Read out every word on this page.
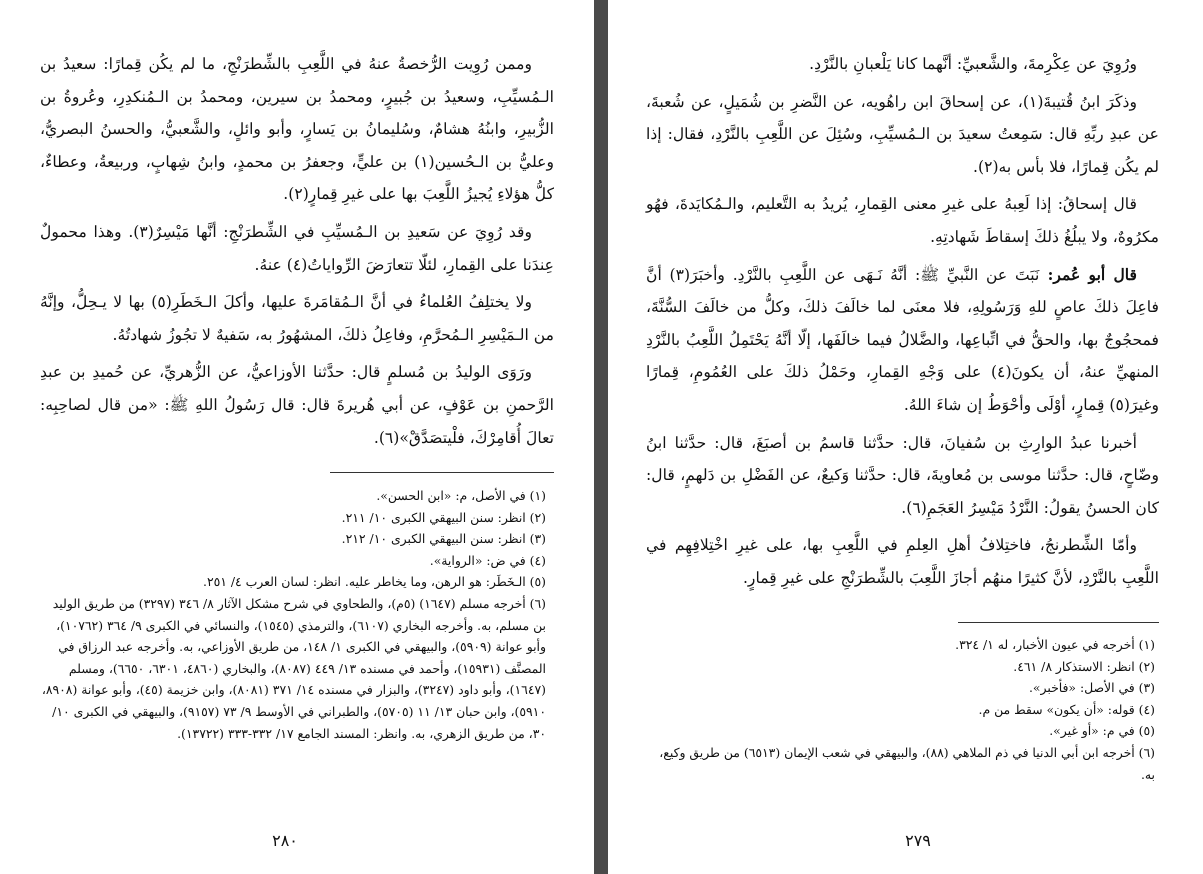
وممن رُوِيت الرُّخصةُ عنهُ في اللَّعِبِ بالشِّطرَنْجِ، ما لم يكُن قِمارًا: سعيدُ بن الـمُسيِّبِ، وسعيدُ بن جُبيرٍ، ومحمدُ بن سيرين، ومحمدُ بن الـمُنكدِرِ، وعُروةُ بن الزُّبيرِ، وابنُهُ هشامٌ، وسُليمانُ بن يَسارٍ، وأبو وائلٍ، والشَّعبيُّ، والحسنُ البصريُّ، وعليُّ بن الـحُسين(١) بن عليٍّ، وجعفرُ بن محمدٍ، وابنُ شِهابٍ، وربيعةُ، وعطاءٌ، كلُّ هؤلاءِ يُجيزُ اللَّعِبَ بها على غيرِ قِمارٍ(٢).

وقد رُوِيَ عن سَعيدِ بن الـمُسيِّبِ في الشِّطرَنْجِ: أنَّها مَيْسِرٌ(٣). وهذا محمولٌ عِندَنا على القِمارِ، لئلّا تتعارَضَ الرِّواياتُ(٤) عنهُ.

ولا يختلِفُ العُلماءُ في أنَّ الـمُقامَرةَ عليها، وأكلَ الـخَطَرِ(٥) بها لا يـحِلُّ، وإنَّهُ من الـمَيْسِرِ الـمُحرَّمِ، وفاعِلُ ذلكَ، المشهُورُ به، سَفيهٌ لا تجُوزُ شهادتُهُ.

ورَوَى الوليدُ بن مُسلمٍ قال: حدَّثنا الأوزاعيُّ، عن الزُّهريِّ، عن حُميدِ بن عبدِ الرَّحمنِ بن عَوْفٍ، عن أبي هُريرةَ قال: قال رَسُولُ اللهِ ﷺ: «من قال لصاحِبِه: تعالَ أُقامِرْكَ، فلْيتصَدَّقْ»(٦).

(١) في الأصل، م: «ابن الحسن».
(٢) انظر: سنن البيهقي الكبرى ١٠/ ٢١١.
(٣) انظر: سنن البيهقي الكبرى ١٠/ ٢١٢.
(٤) في ض: «الرواية».
(٥) الـخَطَر: هو الرهن، وما يخاطر عليه. انظر: لسان العرب ٤/ ٢٥١.
(٦) أخرجه مسلم (١٦٤٧) (٥م)، والطحاوي في شرح مشكل الآثار ٨/ ٣٤٦ (٣٢٩٧) من طريق الوليد بن مسلم، به. وأخرجه البخاري (٦١٠٧)، والترمذي (١٥٤٥)، والنسائي في الكبرى ٩/ ٣٦٤ (١٠٧٦٢)، وأبو عوانة (٥٩٠٩)، والبيهقي في الكبرى ١/ ١٤٨، من طريق الأوزاعي، به. وأخرجه عبد الرزاق في المصنَّف (١٥٩٣١)، وأحمد في مسنده ١٣/ ٤٤٩ (٨٠٨٧)، والبخاري (٤٨٦٠، ٦٣٠١، ٦٦٥٠)، ومسلم (١٦٤٧)، وأبو داود (٣٢٤٧)، والبزار في مسنده ١٤/ ٣٧١ (٨٠٨١)، وابن خزيمة (٤٥)، وأبو عوانة (٨٩٠٨، ٥٩١٠)، وابن حبان ١٣/ ١١ (٥٧٠٥)، والطبراني في الأوسط ٩/ ٧٣ (٩١٥٧)، والبيهقي في الكبرى ١٠/ ٣٠، من طريق الزهري، به. وانظر: المسند الجامع ١٧/ ٣٣٢-٣٣٣ (١٣٧٢٢).
٢٨٠

ورُوِيَ عن عِكْرِمةَ، والشَّعبيِّ: أنَّهما كانا يَلْعبانِ بالنَّرْدِ.

وذكَرَ ابنُ قُتيبةَ(١)، عن إسحاقَ ابن راهُويه، عن النَّضرِ بن شُمَيلٍ، عن شُعبةَ، عن عبدِ ربِّهِ قال: سَمِعتُ سعيدَ بن الـمُسيِّبِ، وسُئِلَ عن اللَّعِبِ بالنَّرْدِ، فقال: إذا لم يكُن قِمارًا، فلا بأس به(٢).

قال إسحاقُ: إذا لَعِبهُ على غيرِ معنى القِمارِ، يُريدُ به التَّعليم، والـمُكايَدةَ، فهُو مكرُوهٌ، ولا يبلُغُ ذلكَ إسقاطَ شَهادتِهِ.

قال أبو عُمر: نَبَتَ عن النَّبيِّ ﷺ: أنَّهُ نَـهَى عن اللَّعِبِ بالنَّرْدِ. وأخبَرَ(٣) أنَّ فاعِلَ ذلكَ عاصٍ للهِ وَرَسُولِهِ، فلا معنَى لما خالَفَ ذلكَ، وكلُّ من خالَفَ السُّنَّةَ، فمحجُوجٌ بها، والحقُّ في اتِّباعِها، والضَّلالُ فيما خالَفَها، إلّا أنَّهُ يَحْتَمِلُ اللَّعِبُ بالنَّرْدِ المنهيِّ عنهُ، أن يكونَ(٤) على وَجْهِ القِمارِ، وحَمْلُ ذلكَ على العُمُومِ، قِمارًا وغيرَ(٥) قِمارٍ، أوْلَى وأحْوَطُ إن شاءَ اللهُ.

أخبرنا عبدُ الوارِثِ بن سُفيانَ، قال: حدَّثنا قاسمُ بن أصبَغَ، قال: حدَّثنا ابنُ وضّاحٍ، قال: حدَّثنا موسى بن مُعاويةَ، قال: حدَّثنا وَكيعٌ، عن الفَضْلِ بن دَلهمٍ، قال: كان الحسنُ يقولُ: النَّرْدُ مَيْسِرُ العَجَمِ(٦).

وأمّا الشِّطرنجُ، فاختِلافُ أهلِ العِلمِ في اللَّعِبِ بها، على غيرِ اخْتِلافِهِم في اللَّعِبِ بالنَّرْدِ، لأنَّ كثيرًا منهُم أجازَ اللَّعِبَ بالشِّطرَنْجِ على غيرِ قِمارٍ.

(١) أخرجه في عيون الأخبار، له ١/ ٣٢٤.
(٢) انظر: الاستذكار ٨/ ٤٦١.
(٣) في الأصل: «فأخبر».
(٤) قوله: «أن يكون» سقط من م.
(٥) في م: «أو غير».
(٦) أخرجه ابن أبي الدنيا في ذم الملاهي (٨٨)، والبيهقي في شعب الإيمان (٦٥١٣) من طريق وكيع، به.
٢٧٩
